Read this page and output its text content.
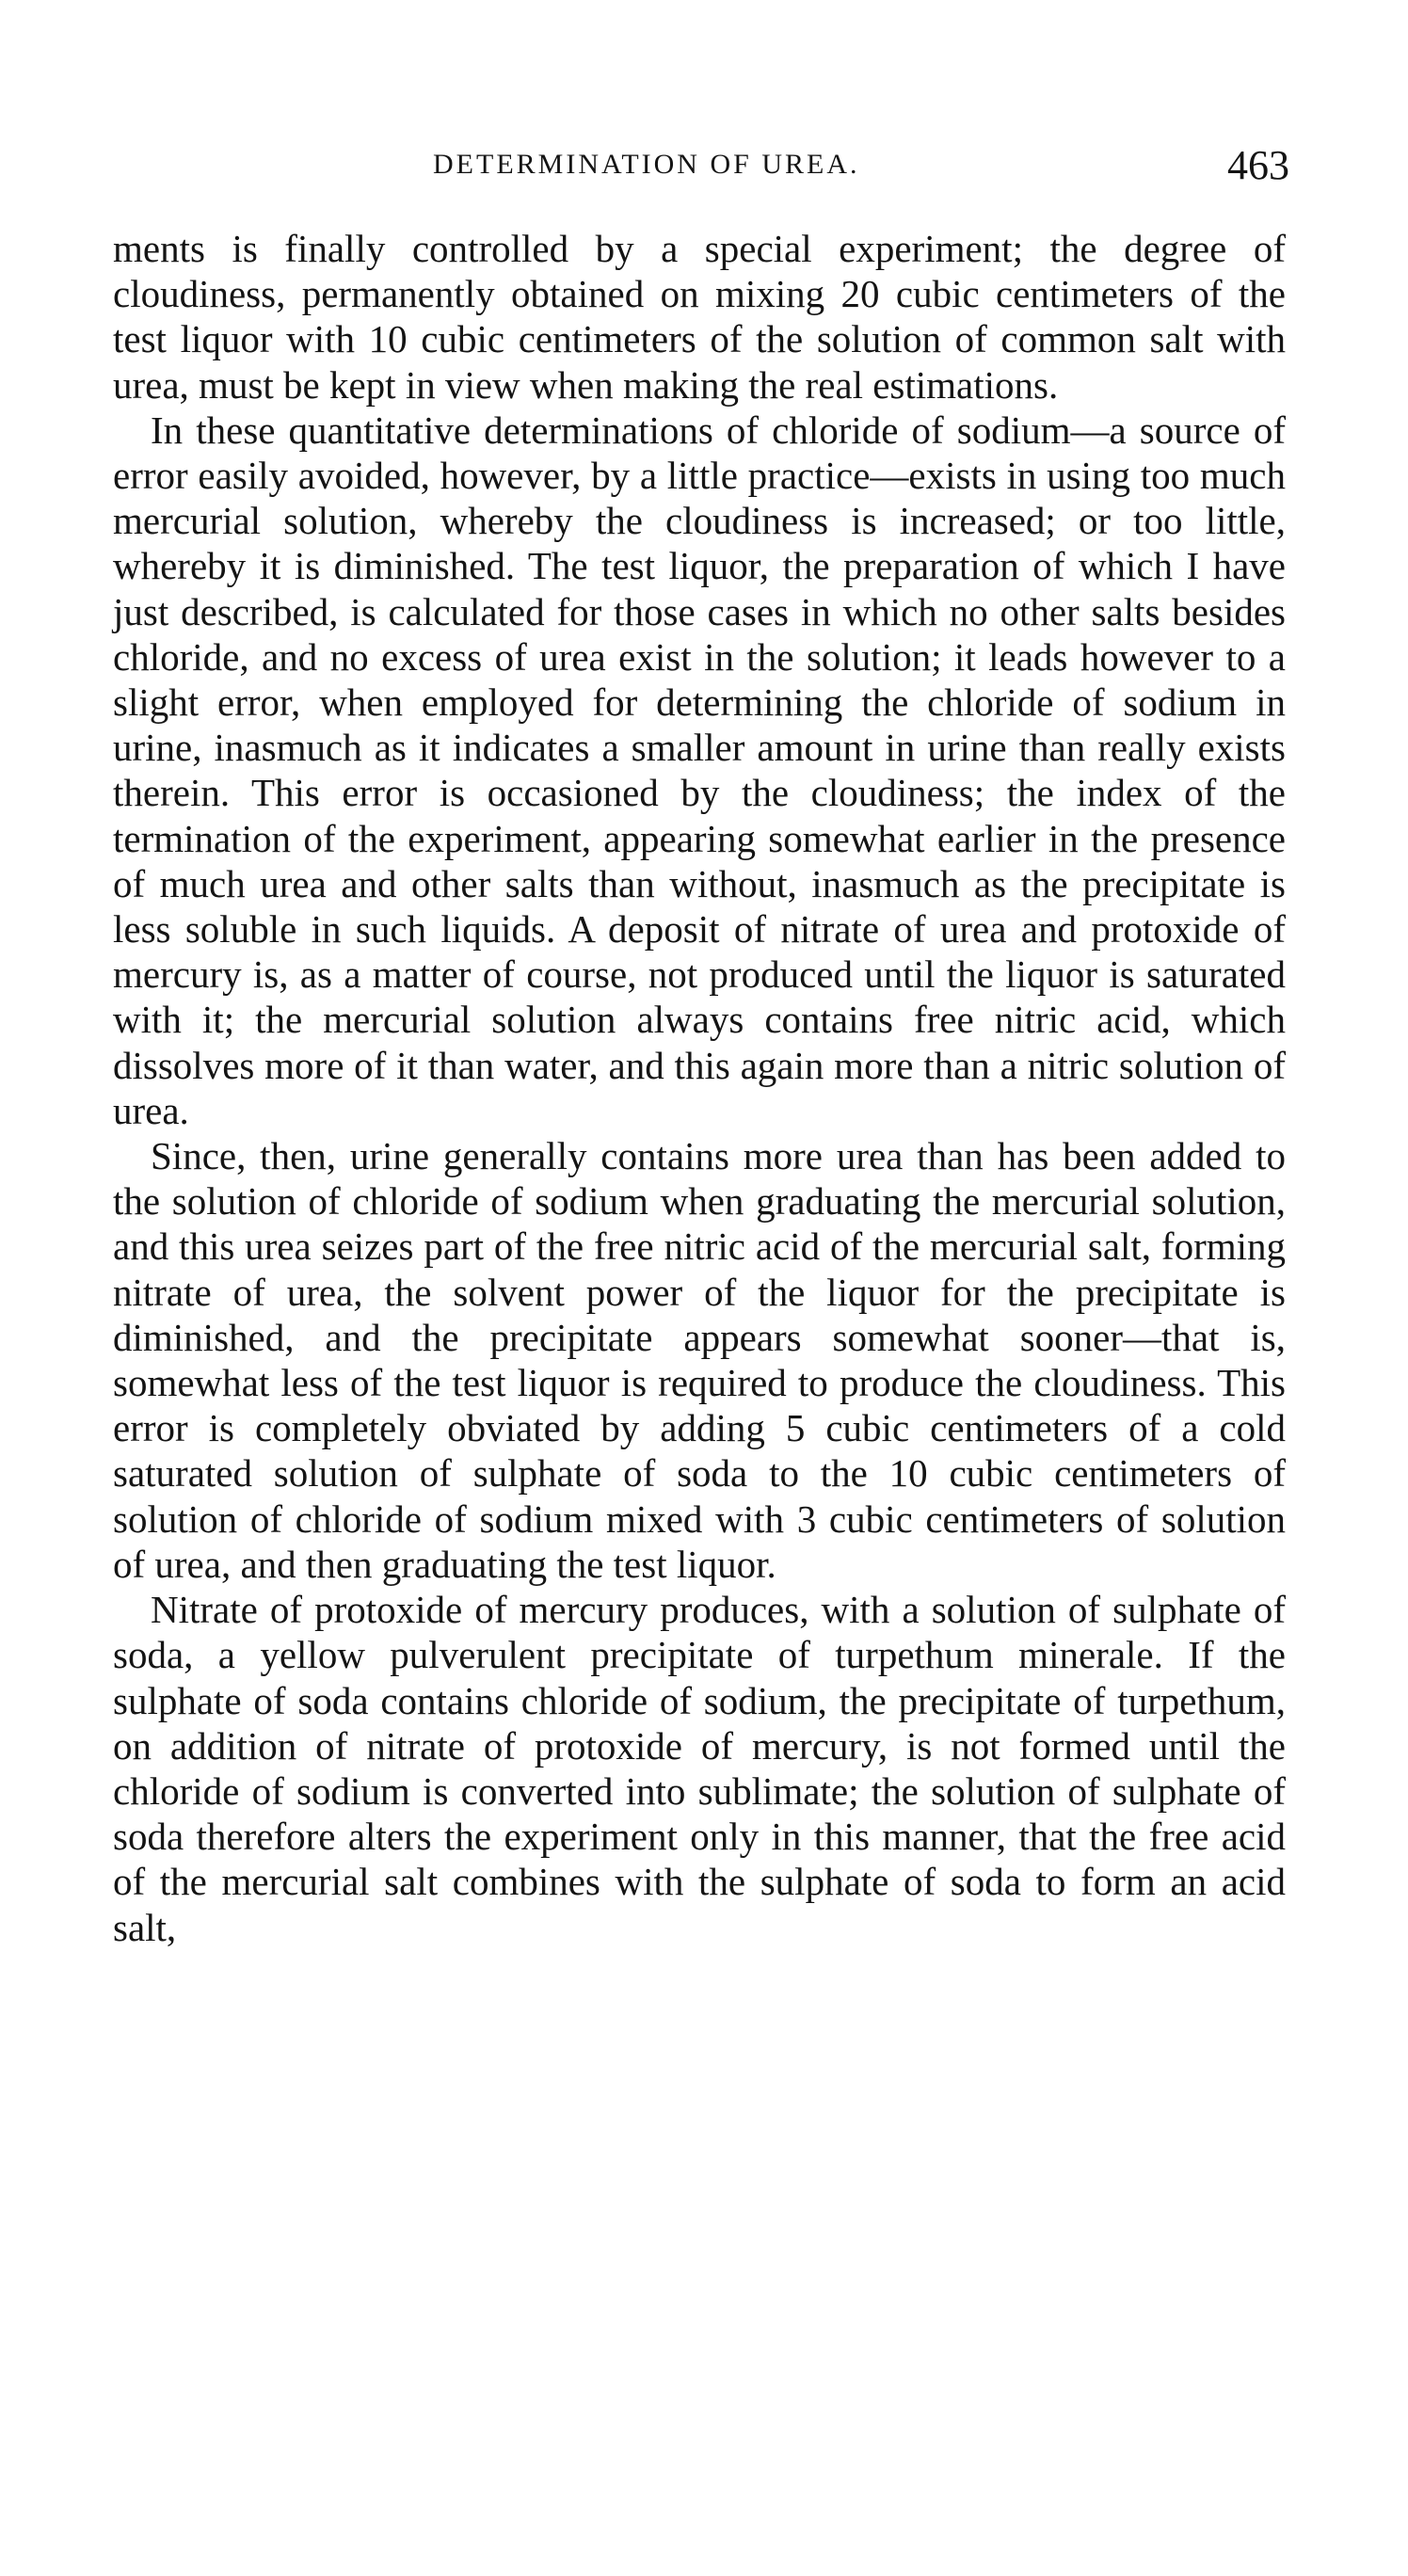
DETERMINATION OF UREA.	463

ments is finally controlled by a special experiment; the degree of cloudiness, permanently obtained on mixing 20 cubic centimeters of the test liquor with 10 cubic centimeters of the solution of common salt with urea, must be kept in view when making the real estimations.

In these quantitative determinations of chloride of sodium—a source of error easily avoided, however, by a little practice—exists in using too much mercurial solution, whereby the cloudiness is increased; or too little, whereby it is diminished. The test liquor, the preparation of which I have just described, is calculated for those cases in which no other salts besides chloride, and no excess of urea exist in the solution; it leads however to a slight error, when employed for determining the chloride of sodium in urine, inasmuch as it indicates a smaller amount in urine than really exists therein. This error is occasioned by the cloudiness; the index of the termination of the experiment, appearing somewhat earlier in the presence of much urea and other salts than without, inasmuch as the precipitate is less soluble in such liquids. A deposit of nitrate of urea and protoxide of mercury is, as a matter of course, not produced until the liquor is saturated with it; the mercurial solution always contains free nitric acid, which dissolves more of it than water, and this again more than a nitric solution of urea.

Since, then, urine generally contains more urea than has been added to the solution of chloride of sodium when graduating the mercurial solution, and this urea seizes part of the free nitric acid of the mercurial salt, forming nitrate of urea, the solvent power of the liquor for the precipitate is diminished, and the precipitate appears somewhat sooner—that is, somewhat less of the test liquor is required to produce the cloudiness. This error is completely obviated by adding 5 cubic centimeters of a cold saturated solution of sulphate of soda to the 10 cubic centimeters of solution of chloride of sodium mixed with 3 cubic centimeters of solution of urea, and then graduating the test liquor.

Nitrate of protoxide of mercury produces, with a solution of sulphate of soda, a yellow pulverulent precipitate of turpethum minerale. If the sulphate of soda contains chloride of sodium, the precipitate of turpethum, on addition of nitrate of protoxide of mercury, is not formed until the chloride of sodium is converted into sublimate; the solution of sulphate of soda therefore alters the experiment only in this manner, that the free acid of the mercurial salt combines with the sulphate of soda to form an acid salt,
